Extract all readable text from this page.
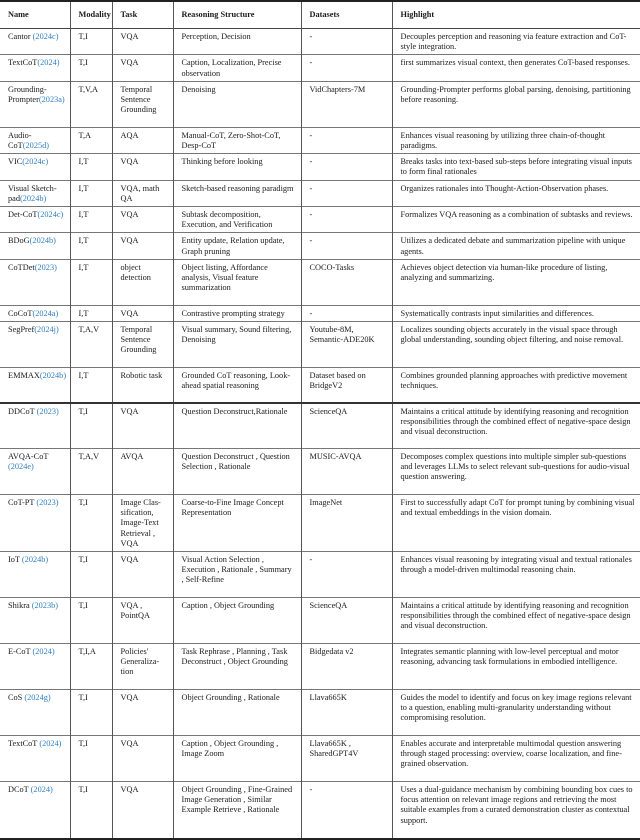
Name	Modality	Task	Reasoning Structure	Datasets	Highlight
Cantor (2024c)	T,I	VQA	Perception, Decision	-	Decouples perception and reasoning via feature extraction and CoT-style integration.
TextCoT(2024)	T,I	VQA	Caption, Localization, Precise observation	-	first summarizes visual context, then generates CoT-based responses.
Grounding-Prompter(2023a)	T,V,A	Temporal Sentence Grounding	Denoising	VidChapters-7M	Grounding-Prompter performs global parsing, denoising, partitioning before reasoning.
Audio-CoT(2025d)	T,A	AQA	Manual-CoT, Zero-Shot-CoT, Desp-CoT	-	Enhances visual reasoning by utilizing three chain-of-thought paradigms.
VIC(2024c)	I,T	VQA	Thinking before looking	-	Breaks tasks into text-based sub-steps before integrating visual inputs to form final rationales
Visual Sketch-pad(2024b)	I,T	VQA, math QA	Sketch-based reasoning paradigm	-	Organizes rationales into Thought-Action-Observation phases.
Det-CoT(2024c)	I,T	VQA	Subtask decomposition, Execution, and Verification	-	Formalizes VQA reasoning as a combination of subtasks and reviews.
BDoG(2024b)	I,T	VQA	Entity update, Relation update, Graph pruning	-	Utilizes a dedicated debate and summarization pipeline with unique agents.
CoTDet(2023)	I,T	object detection	Object listing, Affordance analysis, Visual feature summarization	COCO-Tasks	Achieves object detection via human-like procedure of listing, analyzing and summarizing.
CoCoT(2024a)	I,T	VQA	Contrastive prompting strategy	-	Systematically contrasts input similarities and differences.
SegPref(2024j)	T,A,V	Temporal Sentence Grounding	Visual summary, Sound filtering, Denoising	Youtube-8M, Semantic-ADE20K	Localizes sounding objects accurately in the visual space through global understanding, sounding object filtering, and noise removal.
EMMAX(2024b)	I,T	Robotic task	Grounded CoT reasoning, Look-ahead spatial reasoning	Dataset based on BridgeV2	Combines grounded planning approaches with predictive movement techniques.
DDCoT (2023)	T,I	VQA	Question Deconstruct,Rationale	ScienceQA	Maintains a critical attitude by identifying reasoning and recognition responsibilities through the combined effect of negative-space design and visual deconstruction.
AVQA-CoT (2024e)	T,A,V	AVQA	Question Deconstruct , Question Selection , Rationale	MUSIC-AVQA	Decomposes complex questions into multiple simpler sub-questions and leverages LLMs to select relevant sub-questions for audio-visual question answering.
CoT-PT (2023)	T,I	Image Clas-sification, Image-Text Retrieval , VQA	Coarse-to-Fine Image Concept Representation	ImageNet	First to successfully adapt CoT for prompt tuning by combining visual and textual embeddings in the vision domain.
IoT (2024b)	T,I	VQA	Visual Action Selection , Execution , Rationale , Summary , Self-Refine	-	Enhances visual reasoning by integrating visual and textual rationales through a model-driven multimodal reasoning chain.
Shikra (2023b)	T,I	VQA , PointQA	Caption , Object Grounding	ScienceQA	Maintains a critical attitude by identifying reasoning and recognition responsibilities through the combined effect of negative-space design and visual deconstruction.
E-CoT (2024)	T,I,A	Policies' Generaliza-tion	Task Rephrase , Planning , Task Deconstruct , Object Grounding	Bidgedata v2	Integrates semantic planning with low-level perceptual and motor reasoning, advancing task formulations in embodied intelligence.
CoS (2024g)	T,I	VQA	Object Grounding , Rationale	Llava665K	Guides the model to identify and focus on key image regions relevant to a question, enabling multi-granularity understanding without compromising resolution.
TextCoT (2024)	T,I	VQA	Caption , Object Grounding , Image Zoom	Llava665K , SharedGPT4V	Enables accurate and interpretable multimodal question answering through staged processing: overview, coarse localization, and fine-grained observation.
DCoT (2024)	T,I	VQA	Object Grounding , Fine-Grained Image Generation , Similar Example Retrieve , Rationale	-	Uses a dual-guidance mechanism by combining bounding box cues to focus attention on relevant image regions and retrieving the most suitable examples from a curated demonstration cluster as contextual support.
